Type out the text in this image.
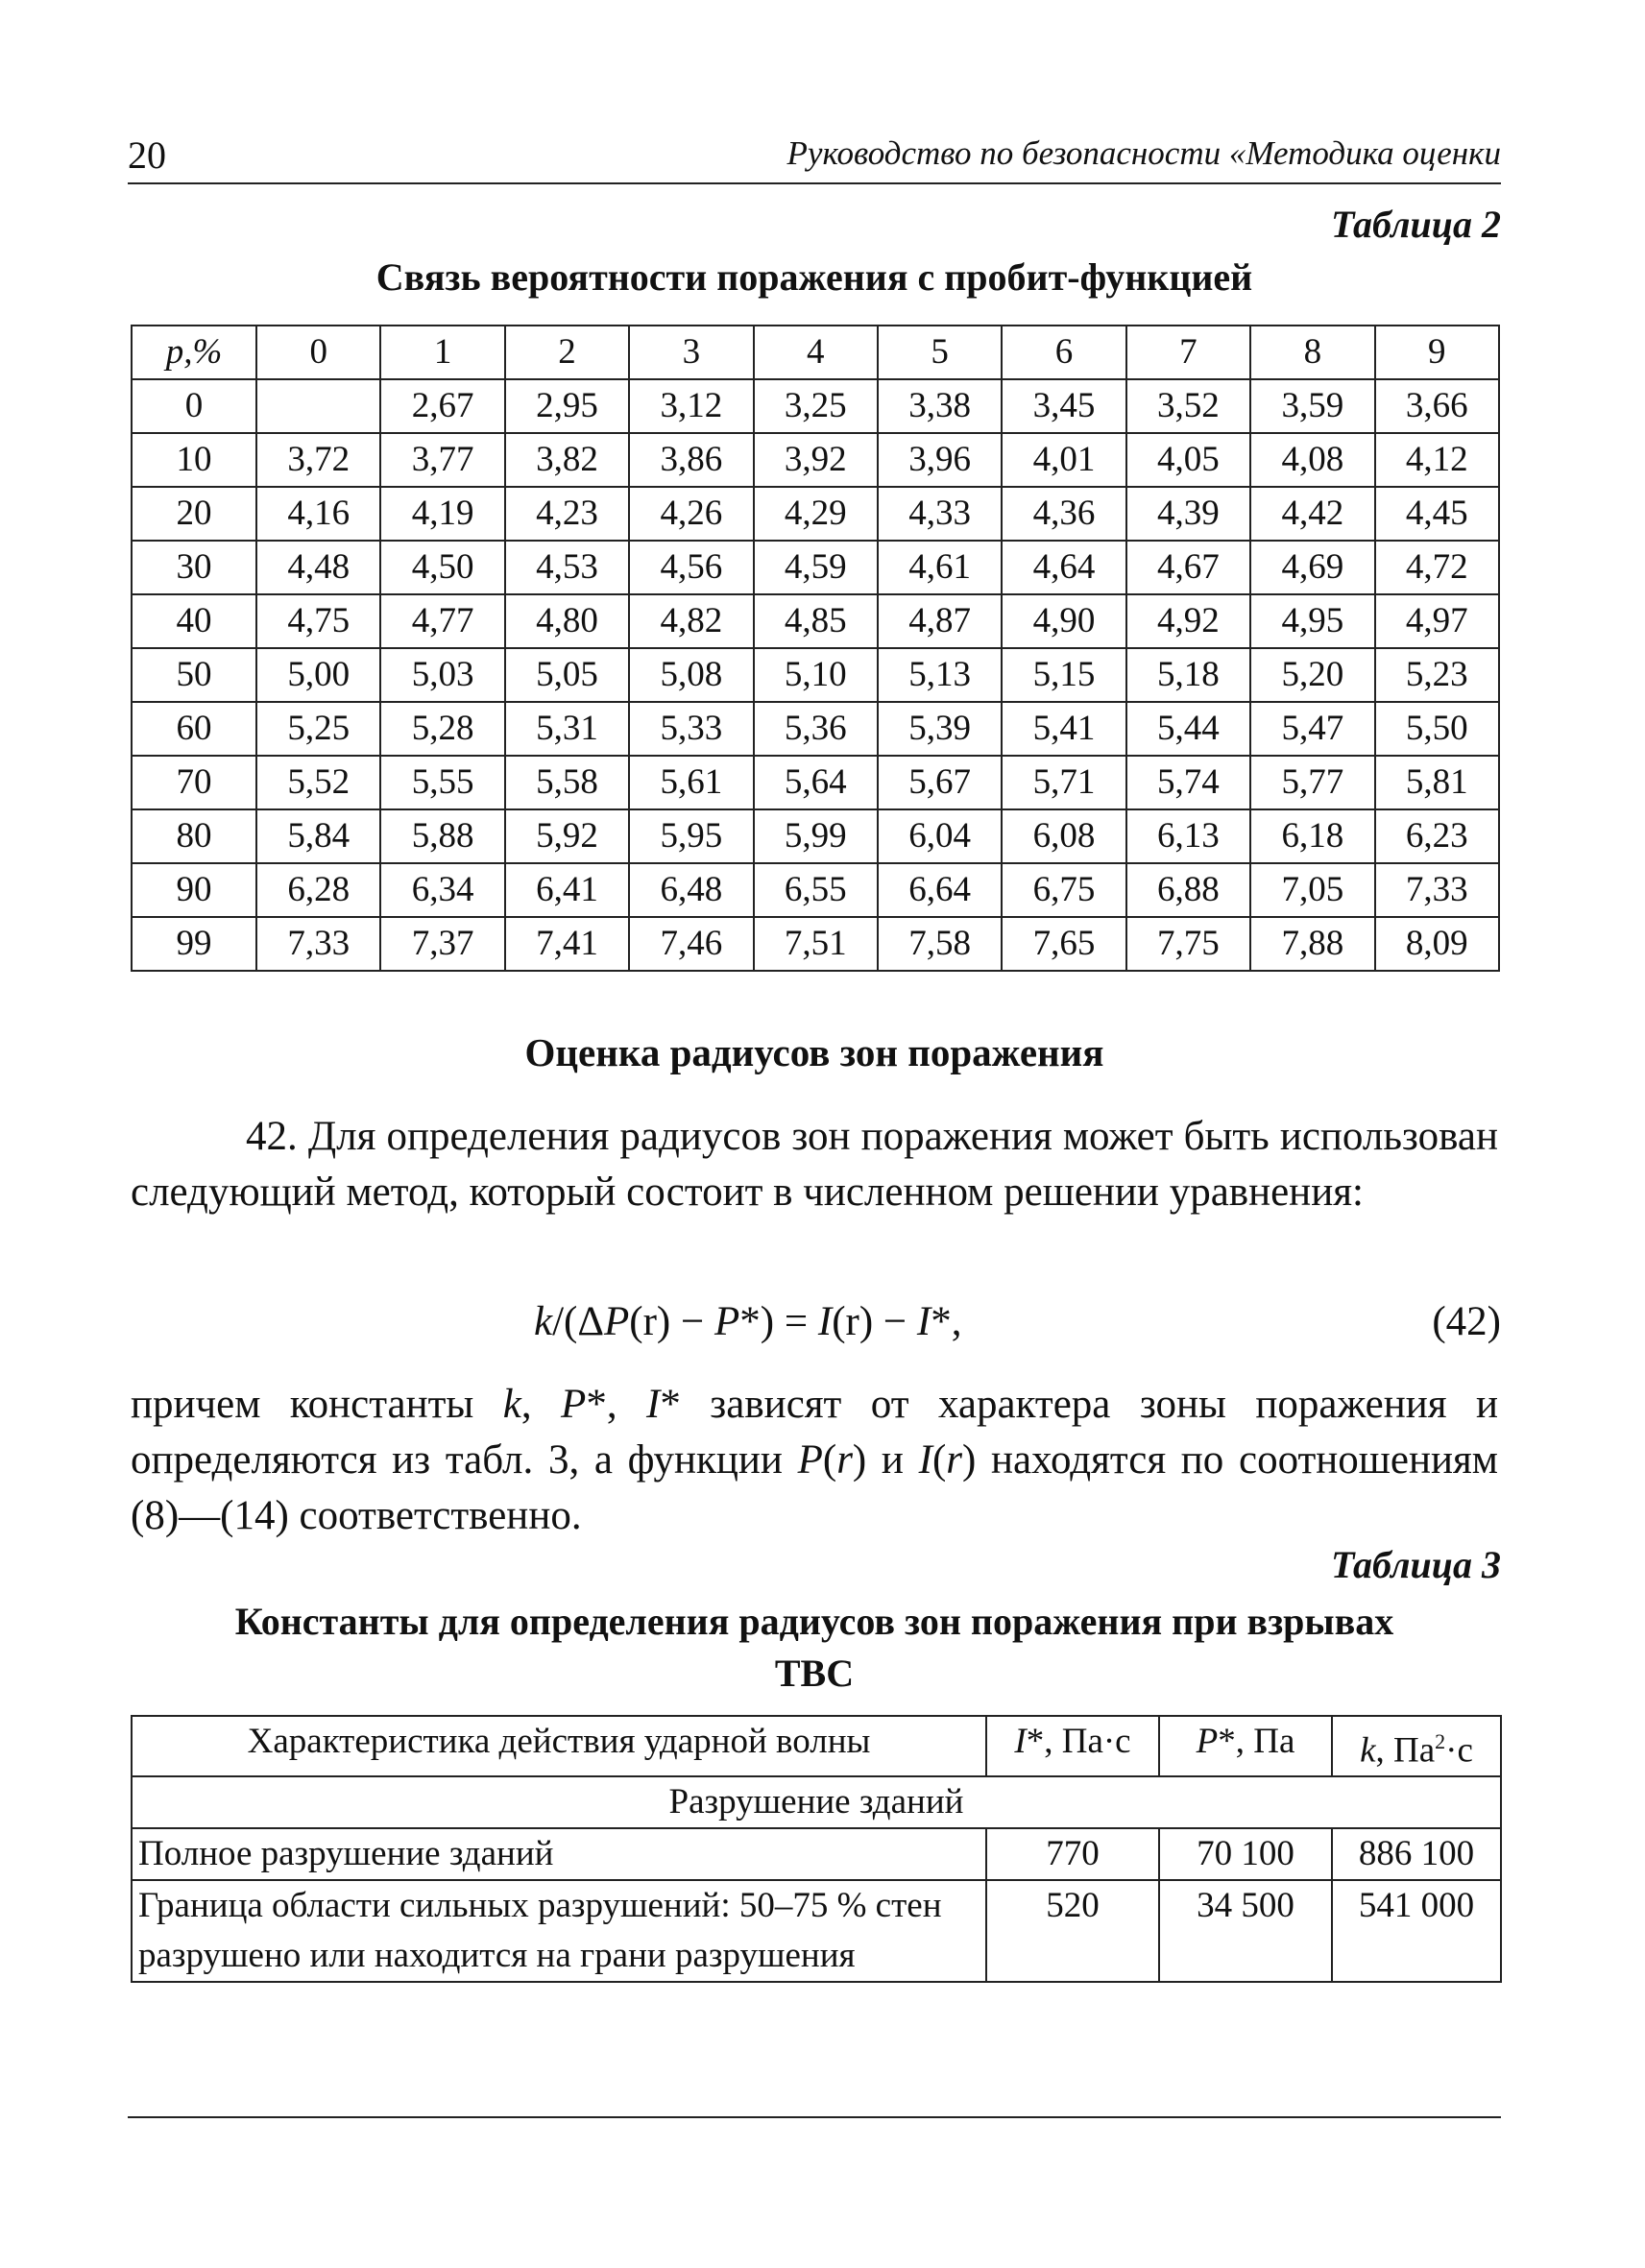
20	Руководство по безопасности «Методика оценки
Таблица 2
Связь вероятности поражения с пробит-функцией
p,%	0	1	2	3	4	5	6	7	8	9
0		2,67	2,95	3,12	3,25	3,38	3,45	3,52	3,59	3,66
10	3,72	3,77	3,82	3,86	3,92	3,96	4,01	4,05	4,08	4,12
20	4,16	4,19	4,23	4,26	4,29	4,33	4,36	4,39	4,42	4,45
30	4,48	4,50	4,53	4,56	4,59	4,61	4,64	4,67	4,69	4,72
40	4,75	4,77	4,80	4,82	4,85	4,87	4,90	4,92	4,95	4,97
50	5,00	5,03	5,05	5,08	5,10	5,13	5,15	5,18	5,20	5,23
60	5,25	5,28	5,31	5,33	5,36	5,39	5,41	5,44	5,47	5,50
70	5,52	5,55	5,58	5,61	5,64	5,67	5,71	5,74	5,77	5,81
80	5,84	5,88	5,92	5,95	5,99	6,04	6,08	6,13	6,18	6,23
90	6,28	6,34	6,41	6,48	6,55	6,64	6,75	6,88	7,05	7,33
99	7,33	7,37	7,41	7,46	7,51	7,58	7,65	7,75	7,88	8,09
Оценка радиусов зон поражения
42. Для определения радиусов зон поражения может быть использован следующий метод, который состоит в численном решении уравнения:
k/(ΔP(r) − P*) = I(r) − I*,	(42)
причем константы k, P*, I* зависят от характера зоны поражения и определяются из табл. 3, а функции P(r) и I(r) находятся по соотношениям (8)—(14) соответственно.
Таблица 3
Константы для определения радиусов зон поражения при взрывах
ТВС
Характеристика действия ударной волны	I*, Па·с	P*, Па	k, $Па^2\cdot с$
Разрушение зданий			
Полное разрушение зданий	770	70 100	886 100
Граница области сильных разрушений: 50–75 % стен разрушено или находится на грани разрушения	520	34 500	541 000
